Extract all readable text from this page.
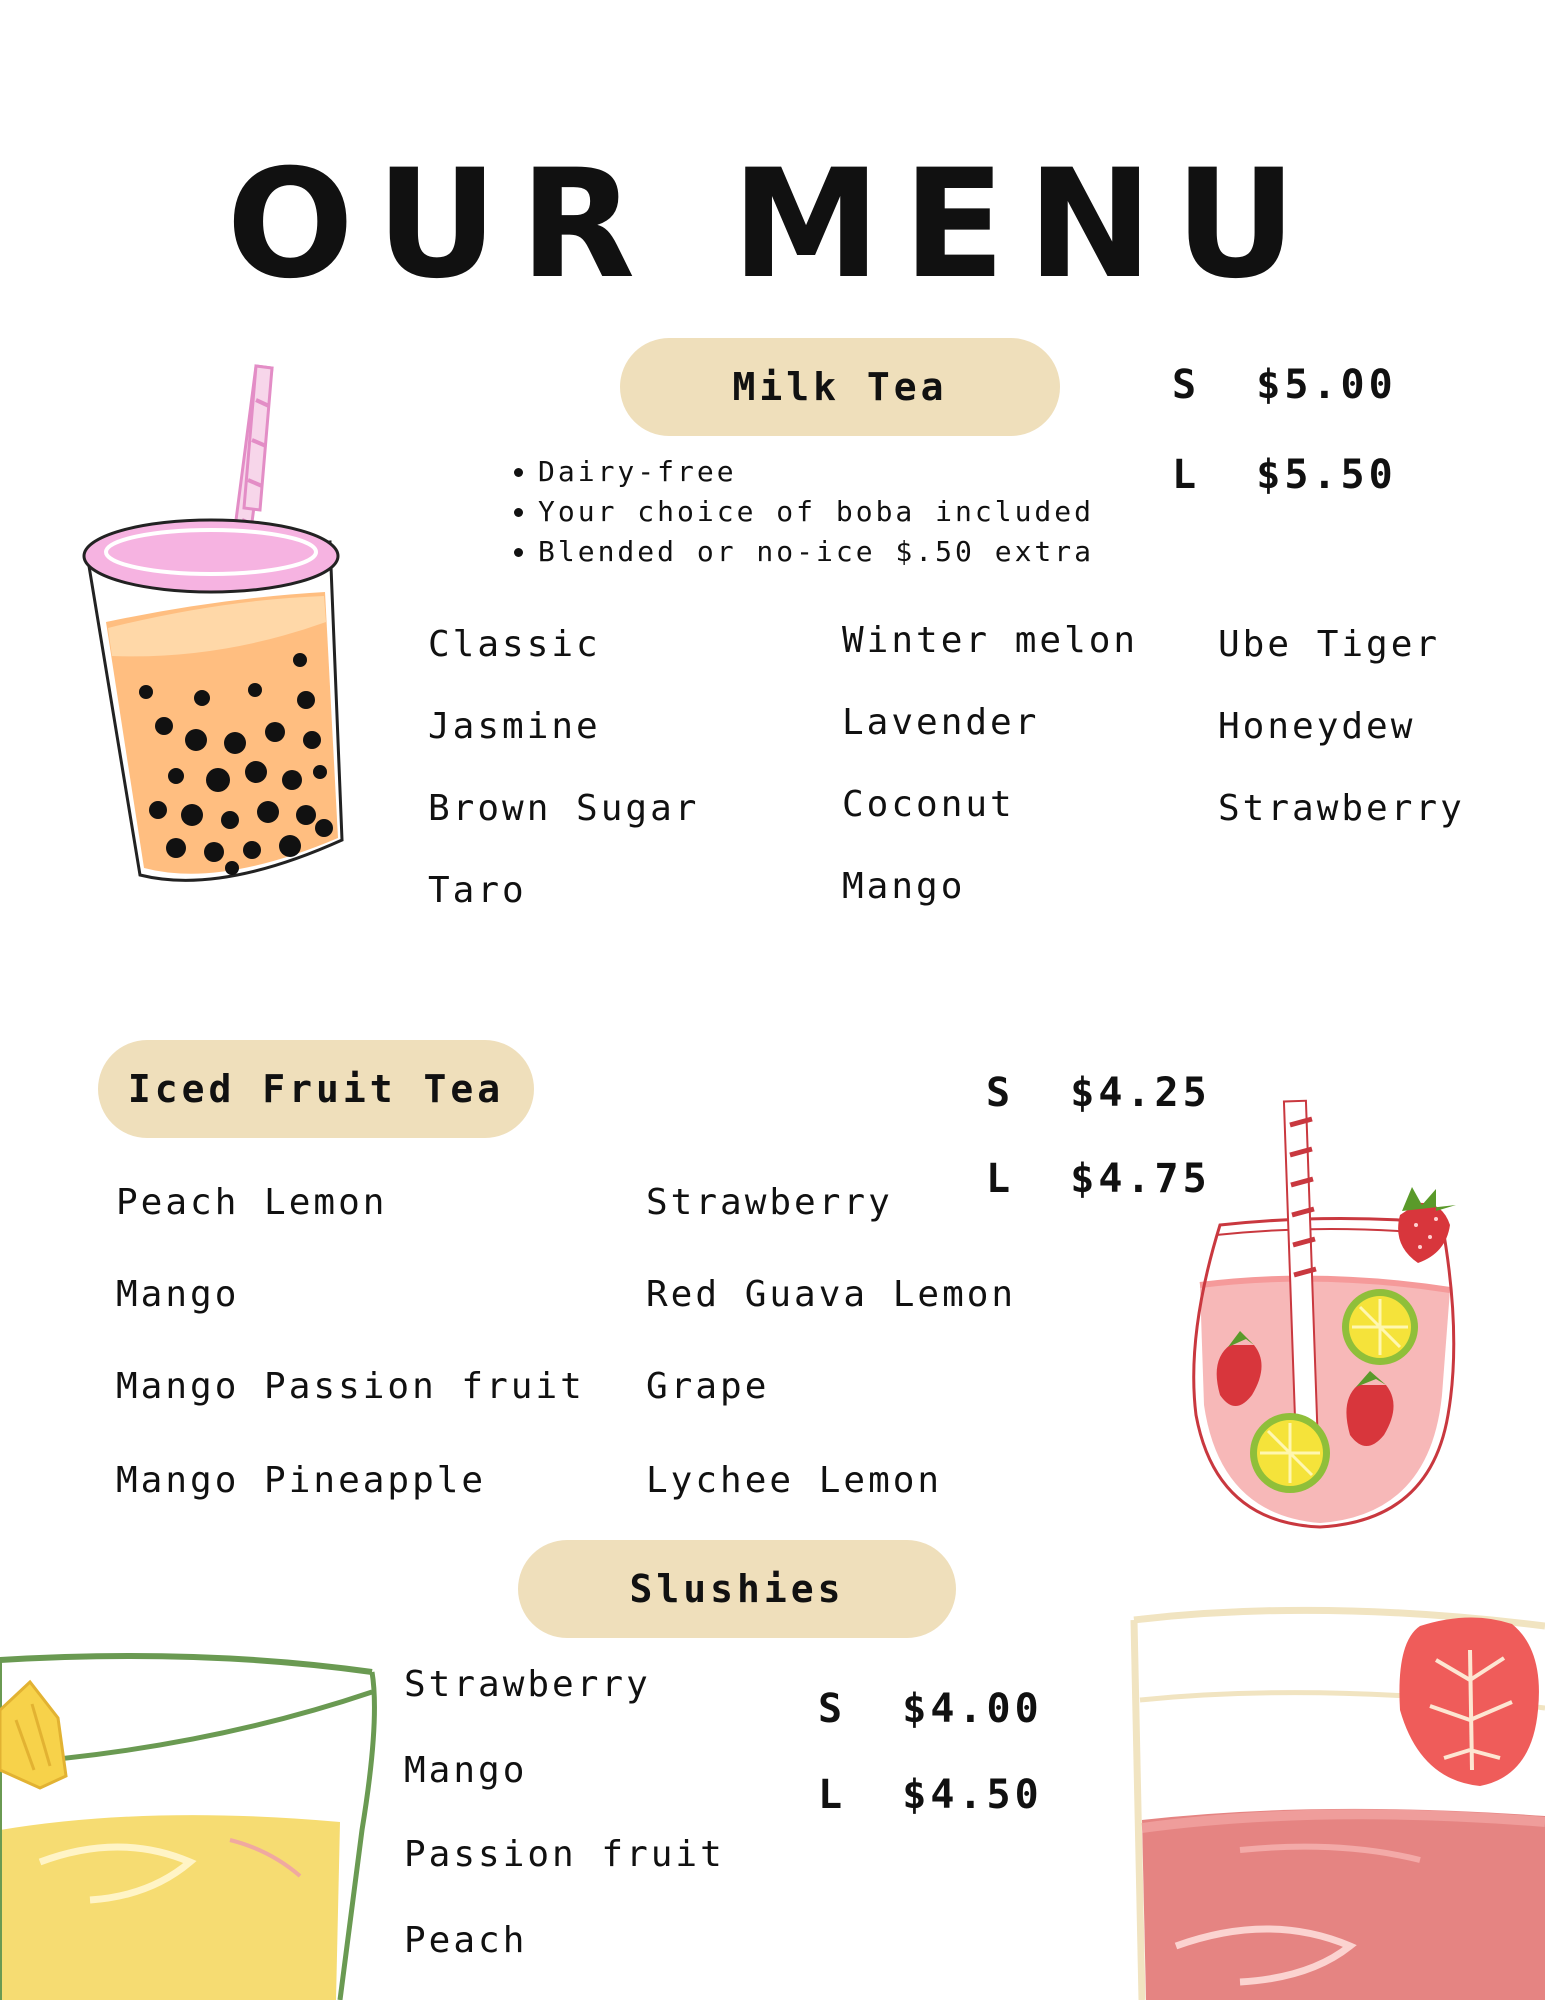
OUR MENU
Milk Tea	S $5.00
L $5.50
• Dairy-free
• Your choice of boba included
• Blended or no-ice $.50 extra
Classic
Jasmine
Brown Sugar
Taro
Winter melon
Lavender
Coconut
Mango
Ube Tiger
Honeydew
Strawberry
Iced Fruit Tea	S $4.25
L $4.75
Peach Lemon
Mango
Mango Passion fruit
Mango Pineapple
Strawberry
Red Guava Lemon
Grape
Lychee Lemon
Slushies
S $4.00
L $4.50
Strawberry
Mango
Passion fruit
Peach
